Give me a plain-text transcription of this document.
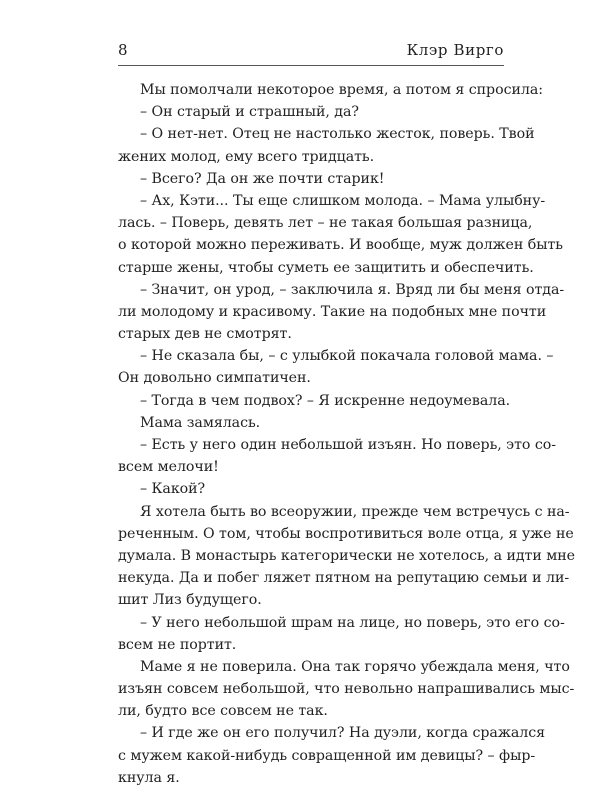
8	Клэр Вирго
Мы помолчали некоторое время, а потом я спросила:
– Он старый и страшный, да?
– О нет-нет. Отец не настолько жесток, поверь. Твой
жених молод, ему всего тридцать.
– Всего? Да он же почти старик!
– Ах, Кэти... Ты еще слишком молода. – Мама улыбну-
лась. – Поверь, девять лет – не такая большая разница,
о которой можно переживать. И вообще, муж должен быть
старше жены, чтобы суметь ее защитить и обеспечить.
– Значит, он урод, – заключила я. Вряд ли бы меня отда-
ли молодому и красивому. Такие на подобных мне почти
старых дев не смотрят.
– Не сказала бы, – с улыбкой покачала головой мама. –
Он довольно симпатичен.
– Тогда в чем подвох? – Я искренне недоумевала.
Мама замялась.
– Есть у него один небольшой изъян. Но поверь, это со-
всем мелочи!
– Какой?
Я хотела быть во всеоружии, прежде чем встречусь с на-
реченным. О том, чтобы воспротивиться воле отца, я уже не
думала. В монастырь категорически не хотелось, а идти мне
некуда. Да и побег ляжет пятном на репутацию семьи и ли-
шит Лиз будущего.
– У него небольшой шрам на лице, но поверь, это его со-
всем не портит.
Маме я не поверила. Она так горячо убеждала меня, что
изъян совсем небольшой, что невольно напрашивались мыс-
ли, будто все совсем не так.
– И где же он его получил? На дуэли, когда сражался
с мужем какой-нибудь совращенной им девицы? – фыр-
кнула я.
